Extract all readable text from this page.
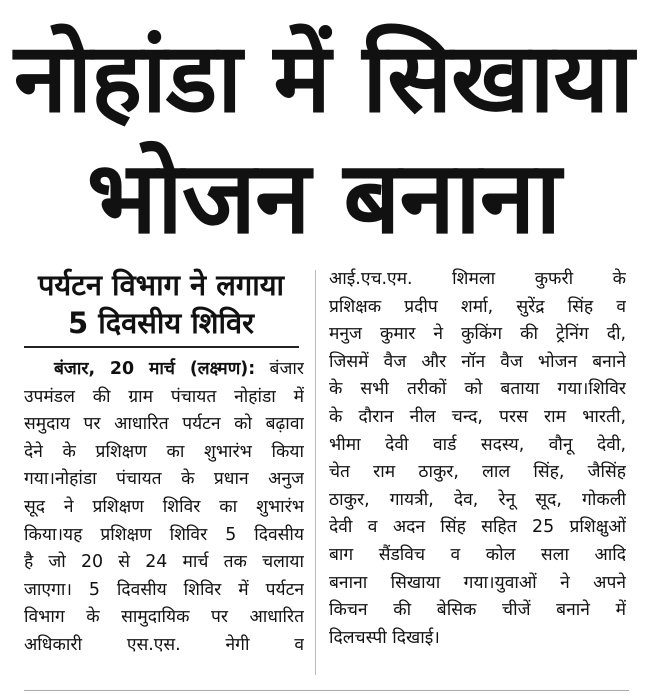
नोहांडा में सिखाया
भोजन बनाना
पर्यटन विभाग ने लगाया
5 दिवसीय शिविर
बंजार, 20 मार्च (लक्ष्मण): बंजार
उपमंडल की ग्राम पंचायत नोहांडा में
समुदाय पर आधारित पर्यटन को बढ़ावा
देने के प्रशिक्षण का शुभारंभ किया
गया।नोहांडा पंचायत के प्रधान अनुज
सूद ने प्रशिक्षण शिविर का शुभारंभ
किया।यह प्रशिक्षण शिविर 5 दिवसीय
है जो 20 से 24 मार्च तक चलाया
जाएगा। 5 दिवसीय शिविर में पर्यटन
विभाग के सामुदायिक पर आधारित
अधिकारी एस.एस. नेगी व
आई.एच.एम. शिमला कुफरी के
प्रशिक्षक प्रदीप शर्मा, सुरेंद्र सिंह व
मनुज कुमार ने कुकिंग की ट्रेनिंग दी,
जिसमें वैज और नॉन वैज भोजन बनाने
के सभी तरीकों को बताया गया।शिविर
के दौरान नील चन्द, परस राम भारती,
भीमा देवी वार्ड सदस्य, वौनू देवी,
चेत राम ठाकुर, लाल सिंह, जैसिंह
ठाकुर, गायत्री, देव, रेनू सूद, गोकली
देवी व अदन सिंह सहित 25 प्रशिक्षुओं
बाग सैंडविच व कोल सला आदि
बनाना सिखाया गया।युवाओं ने अपने
किचन की बेसिक चीजें बनाने में
दिलचस्पी दिखाई।
